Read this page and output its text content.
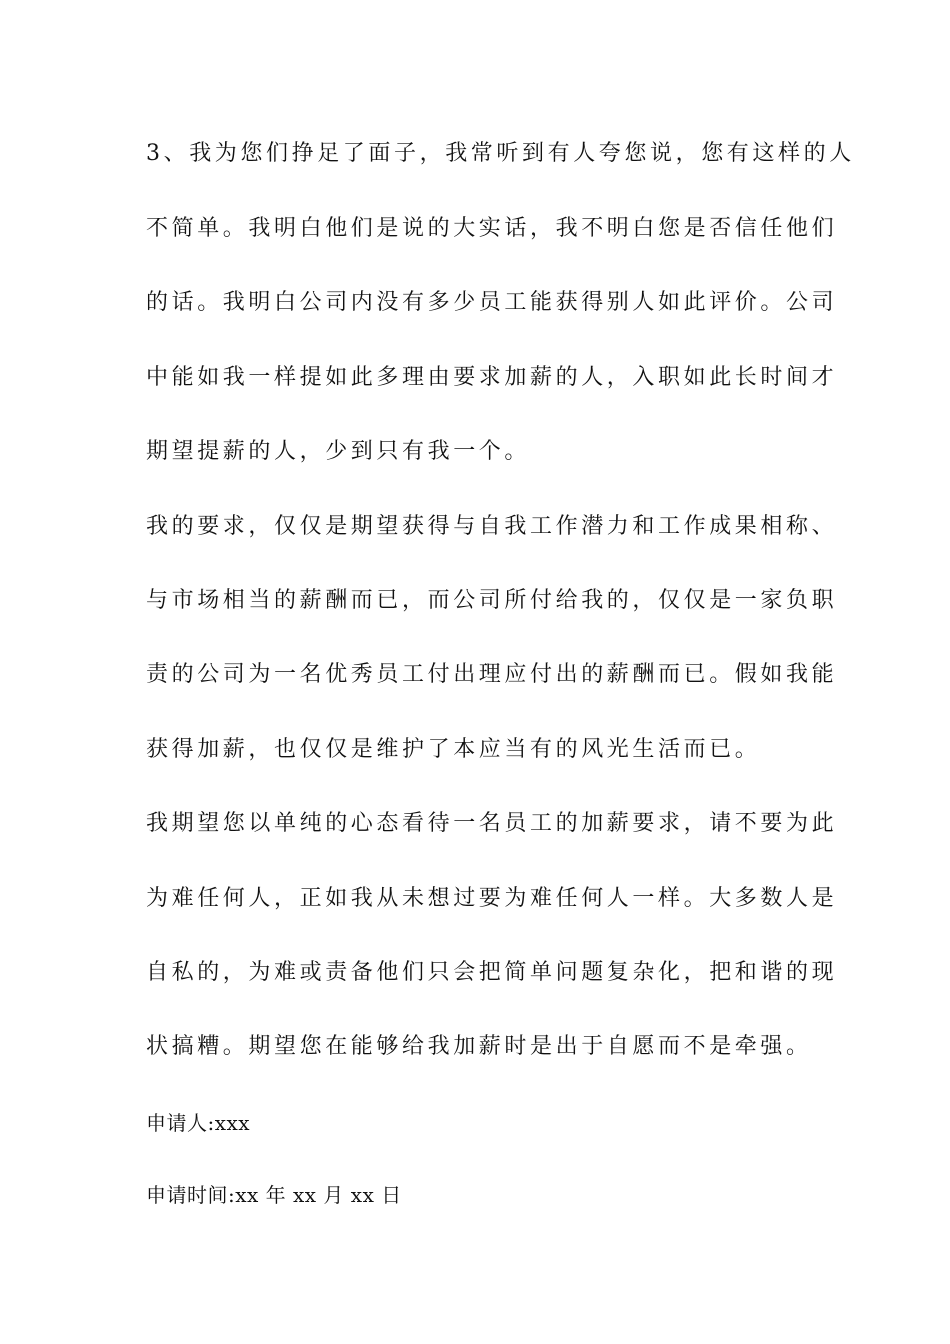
3、我为您们挣足了面子，我常听到有人夸您说，您有这样的人
不简单。我明白他们是说的大实话，我不明白您是否信任他们
的话。我明白公司内没有多少员工能获得别人如此评价。公司
中能如我一样提如此多理由要求加薪的人，入职如此长时间才
期望提薪的人，少到只有我一个。
我的要求，仅仅是期望获得与自我工作潜力和工作成果相称、
与市场相当的薪酬而已，而公司所付给我的，仅仅是一家负职
责的公司为一名优秀员工付出理应付出的薪酬而已。假如我能
获得加薪，也仅仅是维护了本应当有的风光生活而已。
我期望您以单纯的心态看待一名员工的加薪要求，请不要为此
为难任何人，正如我从未想过要为难任何人一样。大多数人是
自私的，为难或责备他们只会把简单问题复杂化，把和谐的现
状搞糟。期望您在能够给我加薪时是出于自愿而不是牵强。
申请人:xxx
申请时间:xx 年 xx 月 xx 日
